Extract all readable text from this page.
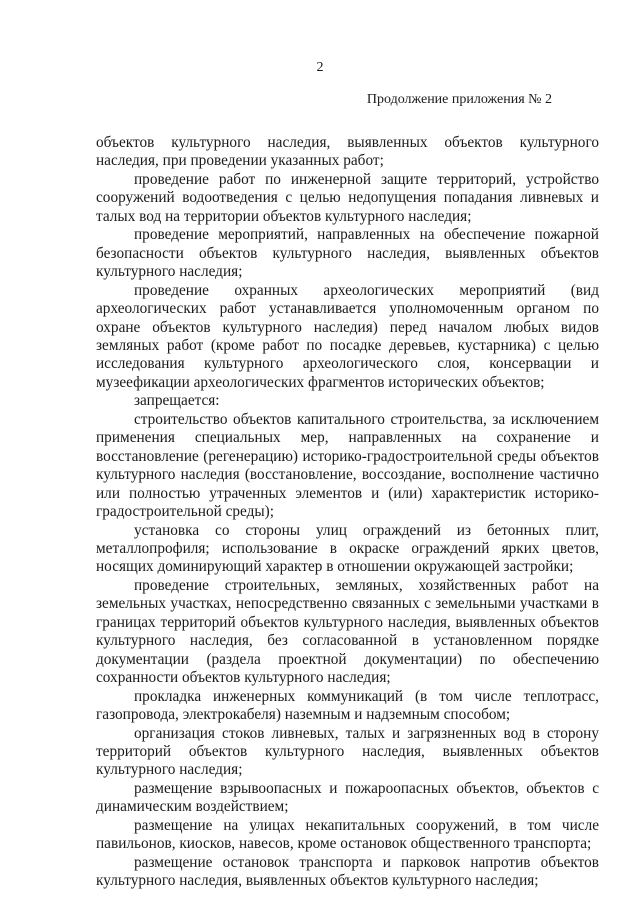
2
Продолжение приложения № 2

объектов культурного наследия, выявленных объектов культурного наследия, при проведении указанных работ;

проведение работ по инженерной защите территорий, устройство сооружений водоотведения с целью недопущения попадания ливневых и талых вод на территории объектов культурного наследия;

проведение мероприятий, направленных на обеспечение пожарной безопасности объектов культурного наследия, выявленных объектов культурного наследия;

проведение охранных археологических мероприятий (вид археологических работ устанавливается уполномоченным органом по охране объектов культурного наследия) перед началом любых видов земляных работ (кроме работ по посадке деревьев, кустарника) с целью исследования культурного археологического слоя, консервации и музеефикации археологических фрагментов исторических объектов;

запрещается:

строительство объектов капитального строительства, за исключением применения специальных мер, направленных на сохранение и восстановление (регенерацию) историко-градостроительной среды объектов культурного наследия (восстановление, воссоздание, восполнение частично или полностью утраченных элементов и (или) характеристик историко-градостроительной среды);

установка со стороны улиц ограждений из бетонных плит, металлопрофиля; использование в окраске ограждений ярких цветов, носящих доминирующий характер в отношении окружающей застройки;

проведение строительных, земляных, хозяйственных работ на земельных участках, непосредственно связанных с земельными участками в границах территорий объектов культурного наследия, выявленных объектов культурного наследия, без согласованной в установленном порядке документации (раздела проектной документации) по обеспечению сохранности объектов культурного наследия;

прокладка инженерных коммуникаций (в том числе теплотрасс, газопровода, электрокабеля) наземным и надземным способом;

организация стоков ливневых, талых и загрязненных вод в сторону территорий объектов культурного наследия, выявленных объектов культурного наследия;

размещение взрывоопасных и пожароопасных объектов, объектов с динамическим воздействием;

размещение на улицах некапитальных сооружений, в том числе павильонов, киосков, навесов, кроме остановок общественного транспорта;

размещение остановок транспорта и парковок напротив объектов культурного наследия, выявленных объектов культурного наследия;
